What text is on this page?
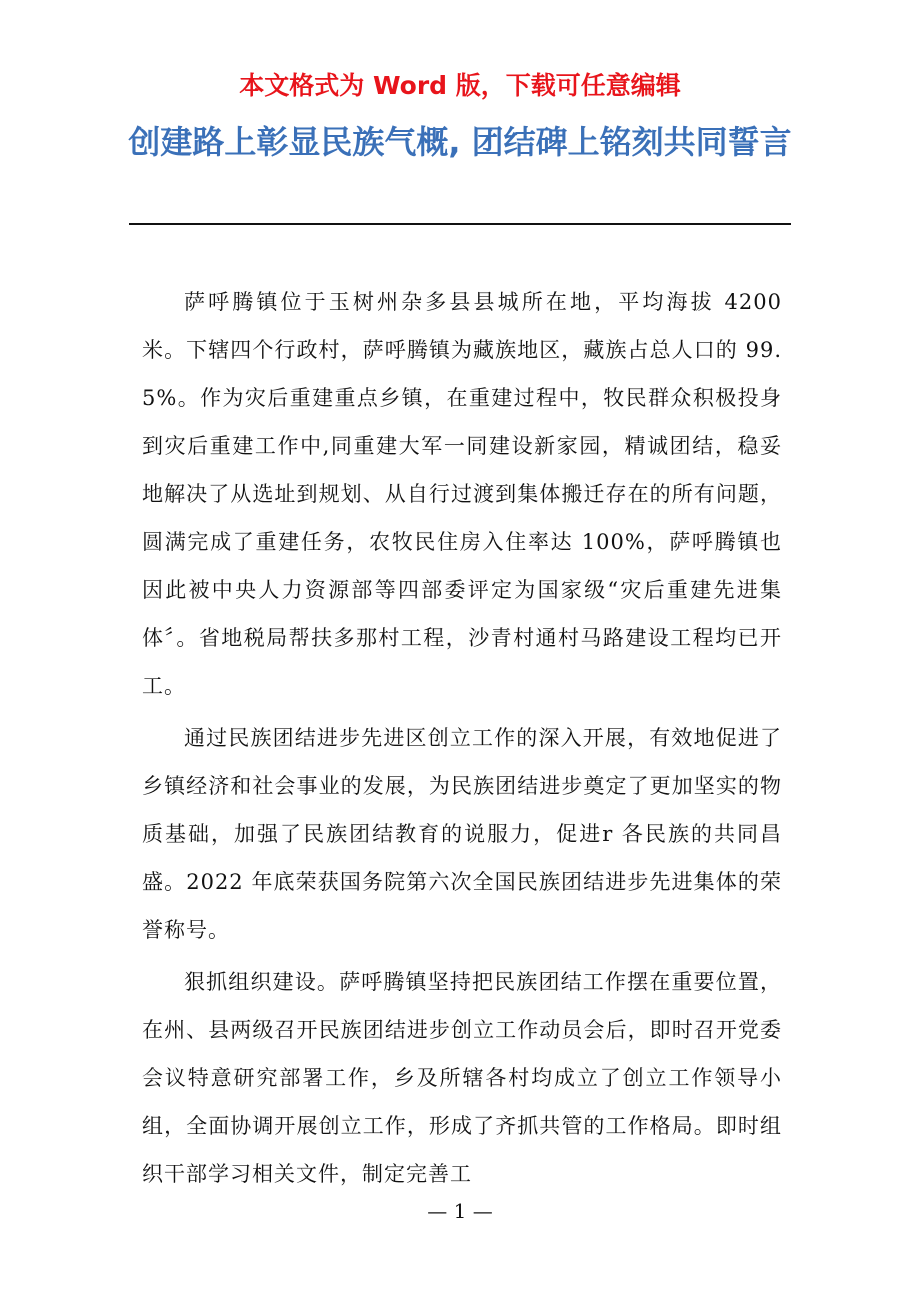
本文格式为 Word 版，下载可任意编辑
创建路上彰显民族气概, 团结碑上铭刻共同誓言

萨呼腾镇位于玉树州杂多县县城所在地，平均海拔 4200 米。下辖四个行政村，萨呼腾镇为藏族地区，藏族占总人口的 99.5%。作为灾后重建重点乡镇，在重建过程中，牧民群众积极投身到灾后重建工作中,同重建大军一同建设新家园，精诚团结，稳妥地解决了从选址到规划、从自行过渡到集体搬迁存在的所有问题，圆满完成了重建任务，农牧民住房入住率达 100%，萨呼腾镇也因此被中央人力资源部等四部委评定为国家级“灾后重建先进集体〞。省地税局帮扶多那村工程，沙青村通村马路建设工程均已开工。

通过民族团结进步先进区创立工作的深入开展，有效地促进了乡镇经济和社会事业的发展，为民族团结进步奠定了更加坚实的物质基础，加强了民族团结教育的说服力，促进r 各民族的共同昌盛。2022 年底荣获国务院第六次全国民族团结进步先进集体的荣誉称号。

狠抓组织建设。萨呼腾镇坚持把民族团结工作摆在重要位置，在州、县两级召开民族团结进步创立工作动员会后，即时召开党委会议特意研究部署工作，乡及所辖各村均成立了创立工作领导小组，全面协调开展创立工作，形成了齐抓共管的工作格局。即时组织干部学习相关文件，制定完善工

— 1 —
